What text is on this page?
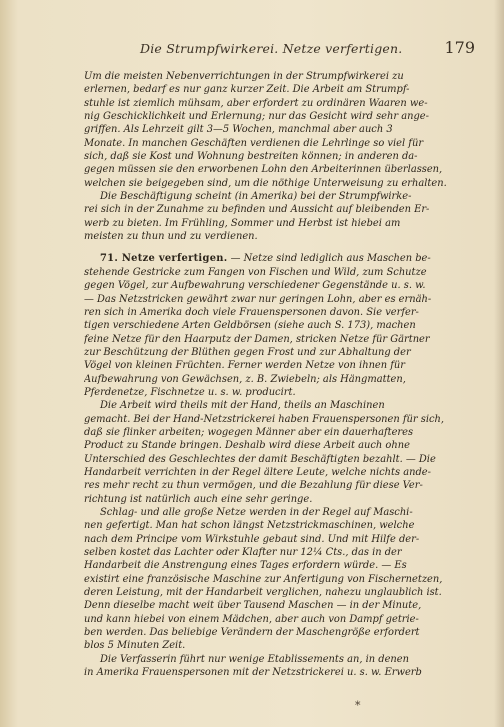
Die Strumpfwirkerei. Netze verfertigen.	179
Um die meisten Nebenverrichtungen in der Strumpfwirkerei zu
erlernen, bedarf es nur ganz kurzer Zeit. Die Arbeit am Strumpf-
stuhle ist ziemlich mühsam, aber erfordert zu ordinären Waaren we-
nig Geschicklichkeit und Erlernung; nur das Gesicht wird sehr ange-
griffen. Als Lehrzeit gilt 3—5 Wochen, manchmal aber auch 3
Monate. In manchen Geschäften verdienen die Lehrlinge so viel für
sich, daß sie Kost und Wohnung bestreiten können; in anderen da-
gegen müssen sie den erworbenen Lohn den Arbeiterinnen überlassen,
welchen sie beigegeben sind, um die nöthige Unterweisung zu erhalten.
Die Beschäftigung scheint (in Amerika) bei der Strumpfwirke-
rei sich in der Zunahme zu befinden und Aussicht auf bleibenden Er-
werb zu bieten. Im Frühling, Sommer und Herbst ist hiebei am
meisten zu thun und zu verdienen.
71. Netze verfertigen. — Netze sind lediglich aus Maschen be-
stehende Gestricke zum Fangen von Fischen und Wild, zum Schutze
gegen Vögel, zur Aufbewahrung verschiedener Gegenstände u. s. w.
— Das Netzstricken gewährt zwar nur geringen Lohn, aber es ernäh-
ren sich in Amerika doch viele Frauenspersonen davon. Sie verfer-
tigen verschiedene Arten Geldbörsen (siehe auch S. 173), machen
feine Netze für den Haarputz der Damen, stricken Netze für Gärtner
zur Beschützung der Blüthen gegen Frost und zur Abhaltung der
Vögel von kleinen Früchten. Ferner werden Netze von ihnen für
Aufbewahrung von Gewächsen, z. B. Zwiebeln; als Hängmatten,
Pferdenetze, Fischnetze u. s. w. producirt.
Die Arbeit wird theils mit der Hand, theils an Maschinen
gemacht. Bei der Hand-Netzstrickerei haben Frauenspersonen für sich,
daß sie flinker arbeiten; wogegen Männer aber ein dauerhafteres
Product zu Stande bringen. Deshalb wird diese Arbeit auch ohne
Unterschied des Geschlechtes der damit Beschäftigten bezahlt. — Die
Handarbeit verrichten in der Regel ältere Leute, welche nichts ande-
res mehr recht zu thun vermögen, und die Bezahlung für diese Ver-
richtung ist natürlich auch eine sehr geringe.
Schlag- und alle große Netze werden in der Regel auf Maschi-
nen gefertigt. Man hat schon längst Netzstrickmaschinen, welche
nach dem Principe vom Wirkstuhle gebaut sind. Und mit Hilfe der-
selben kostet das Lachter oder Klafter nur 12¼ Cts., das in der
Handarbeit die Anstrengung eines Tages erfordern würde. — Es
existirt eine französische Maschine zur Anfertigung von Fischernetzen,
deren Leistung, mit der Handarbeit verglichen, nahezu unglaublich ist.
Denn dieselbe macht weit über Tausend Maschen — in der Minute,
und kann hiebei von einem Mädchen, aber auch von Dampf getrie-
ben werden. Das beliebige Verändern der Maschengröße erfordert
blos 5 Minuten Zeit.
Die Verfasserin führt nur wenige Etablissements an, in denen
in Amerika Frauenspersonen mit der Netzstrickerei u. s. w. Erwerb
*
